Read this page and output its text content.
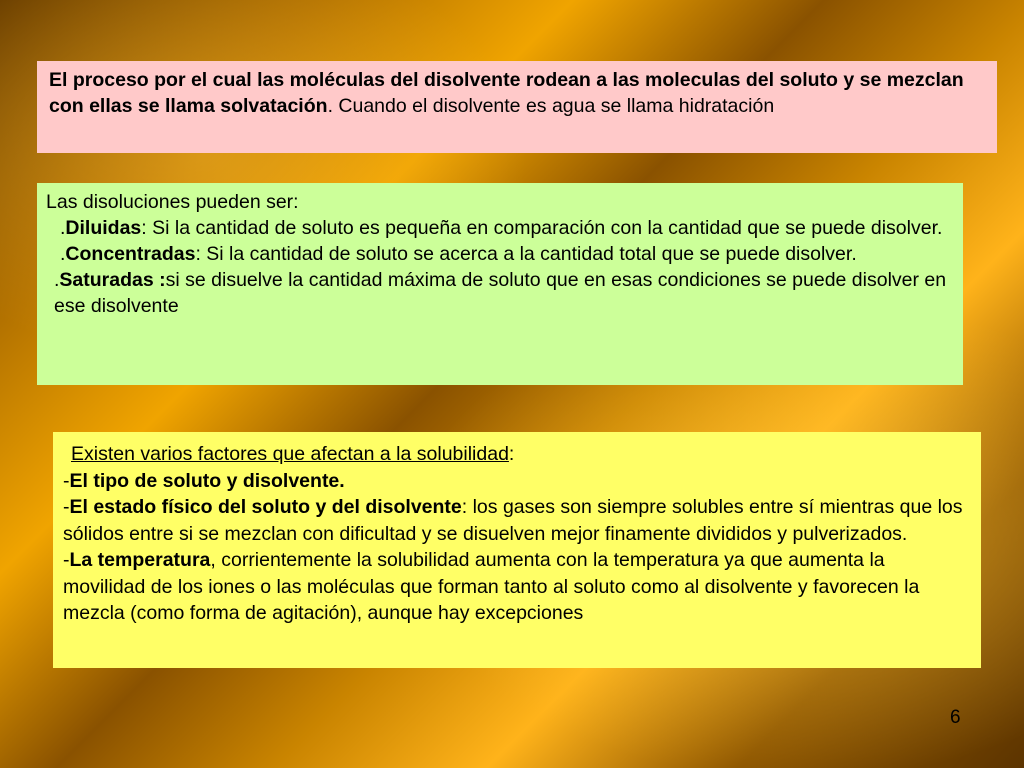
El proceso por el cual las moléculas del disolvente rodean a las moleculas del soluto y se mezclan con ellas se llama solvatación. Cuando el disolvente es agua se llama hidratación
Las disoluciones pueden ser:
.Diluidas: Si la cantidad de soluto es pequeña en comparación con la cantidad que se puede disolver.
.Concentradas: Si la cantidad de soluto se acerca a la cantidad total que se puede disolver.
.Saturadas :si se disuelve la cantidad máxima de soluto que en esas condiciones se puede disolver en ese disolvente
Existen varios factores que afectan a la solubilidad:
-El tipo de soluto y disolvente.
-El estado físico del soluto y del disolvente: los gases son siempre solubles entre sí mientras que los sólidos entre si se mezclan con dificultad y se disuelven mejor finamente divididos y pulverizados.
-La temperatura, corrientemente la solubilidad aumenta con la temperatura ya que aumenta la movilidad de los iones o las moléculas que forman tanto al soluto como al disolvente y favorecen la mezcla (como forma de agitación), aunque hay excepciones
6
